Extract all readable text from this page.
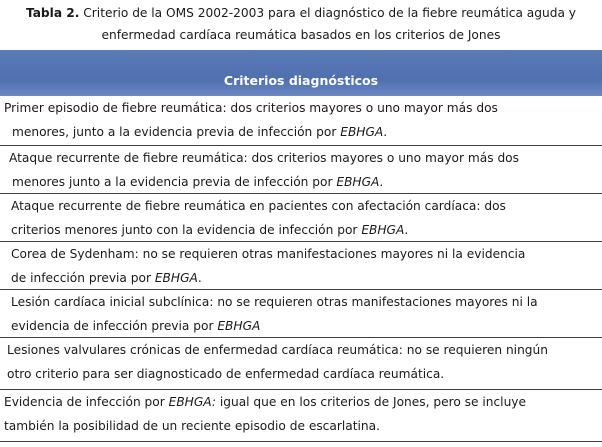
Tabla 2. Criterio de la OMS 2002-2003 para el diagnóstico de la fiebre reumática aguda y enfermedad cardíaca reumática basados en los criterios de Jones
Criterios diagnósticos
Primer episodio de fiebre reumática: dos criterios mayores o uno mayor más dos
menores, junto a la evidencia previa de infección por EBHGA.
Ataque recurrente de fiebre reumática: dos criterios mayores o uno mayor más dos
menores junto a la evidencia previa de infección por EBHGA.
Ataque recurrente de fiebre reumática en pacientes con afectación cardíaca: dos
criterios menores junto con la evidencia de infección por EBHGA.
Corea de Sydenham: no se requieren otras manifestaciones mayores ni la evidencia
de infección previa por EBHGA.
Lesión cardíaca inicial subclínica: no se requieren otras manifestaciones mayores ni la
evidencia de infección previa por EBHGA
Lesiones valvulares crónicas de enfermedad cardíaca reumática: no se requieren ningún
otro criterio para ser diagnosticado de enfermedad cardíaca reumática.
Evidencia de infección por EBHGA: igual que en los criterios de Jones, pero se incluye
también la posibilidad de un reciente episodio de escarlatina.
